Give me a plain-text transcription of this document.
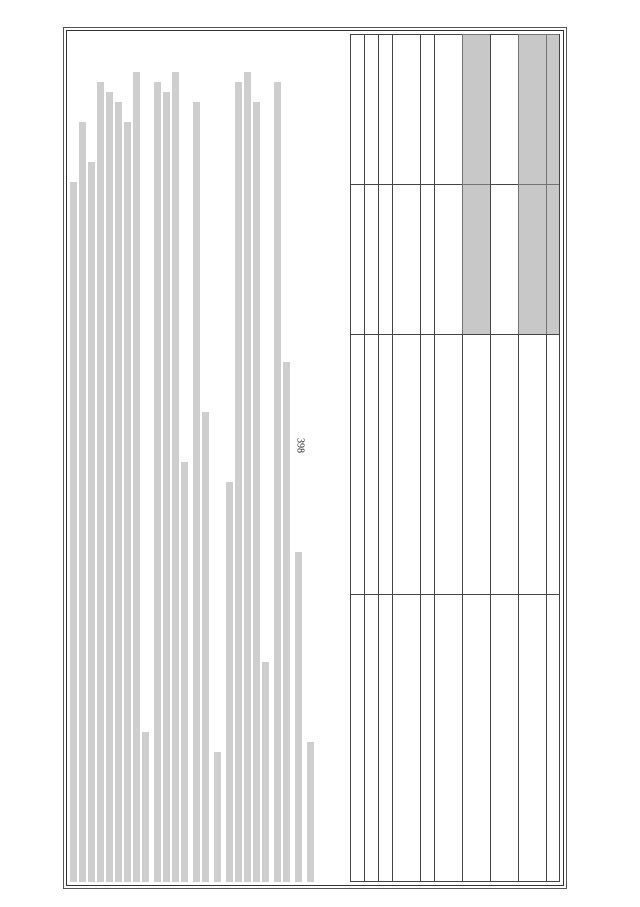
398
